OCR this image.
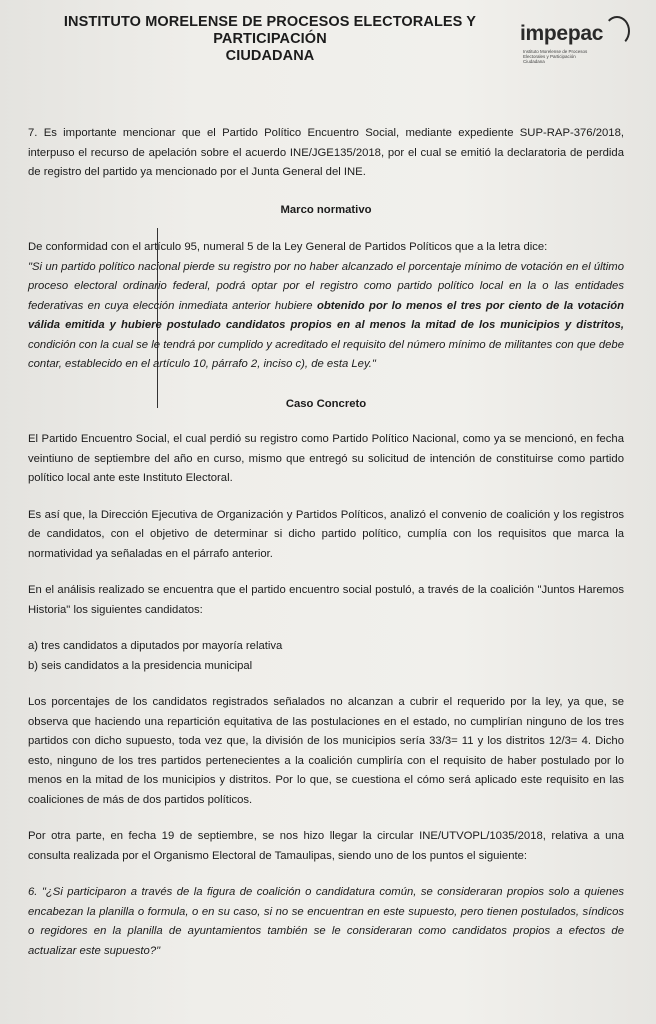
INSTITUTO MORELENSE DE PROCESOS ELECTORALES Y PARTICIPACIÓN
CIUDADANA
impepac
Instituto Morelense de Procesos Electorales y Participación Ciudadana

7. Es importante mencionar que el Partido Político Encuentro Social, mediante expediente SUP-RAP-376/2018, interpuso el recurso de apelación sobre el acuerdo INE/JGE135/2018, por el cual se emitió la declaratoria de perdida de registro del partido ya mencionado por el Junta General del INE.

Marco normativo

De conformidad con el artículo 95, numeral 5 de la Ley General de Partidos Políticos que a la letra dice:

"Si un partido político nacional pierde su registro por no haber alcanzado el porcentaje mínimo de votación en el último proceso electoral ordinario federal, podrá optar por el registro como partido político local en la o las entidades federativas en cuya elección inmediata anterior hubiere obtenido por lo menos el tres por ciento de la votación válida emitida y hubiere postulado candidatos propios en al menos la mitad de los municipios y distritos, condición con la cual se le tendrá por cumplido y acreditado el requisito del número mínimo de militantes con que debe contar, establecido en el artículo 10, párrafo 2, inciso c), de esta Ley."

Caso Concreto

El Partido Encuentro Social, el cual perdió su registro como Partido Político Nacional, como ya se mencionó, en fecha veintiuno de septiembre del año en curso, mismo que entregó su solicitud de intención de constituirse como partido político local ante este Instituto Electoral.

Es así que, la Dirección Ejecutiva de Organización y Partidos Políticos, analizó el convenio de coalición y los registros de candidatos, con el objetivo de determinar si dicho partido político, cumplía con los requisitos que marca la normatividad ya señaladas en el párrafo anterior.

En el análisis realizado se encuentra que el partido encuentro social postuló, a través de la coalición "Juntos Haremos Historia" los siguientes candidatos:

a) tres candidatos a diputados por mayoría relativa

b) seis candidatos a la presidencia municipal

Los porcentajes de los candidatos registrados señalados no alcanzan a cubrir el requerido por la ley, ya que, se observa que haciendo una repartición equitativa de las postulaciones en el estado, no cumplirían ninguno de los tres partidos con dicho supuesto, toda vez que, la división de los municipios sería 33/3= 11 y los distritos 12/3= 4. Dicho esto, ninguno de los tres partidos pertenecientes a la coalición cumpliría con el requisito de haber postulado por lo menos en la mitad de los municipios y distritos. Por lo que, se cuestiona el cómo será aplicado este requisito en las coaliciones de más de dos partidos políticos.

Por otra parte, en fecha 19 de septiembre, se nos hizo llegar la circular INE/UTVOPL/1035/2018, relativa a una consulta realizada por el Organismo Electoral de Tamaulipas, siendo uno de los puntos el siguiente:

6. "¿Si participaron a través de la figura de coalición o candidatura común, se consideraran propios solo a quienes encabezan la planilla o formula, o en su caso, si no se encuentran en este supuesto, pero tienen postulados, síndicos o regidores en la planilla de ayuntamientos también se le consideraran como candidatos propios a efectos de actualizar este supuesto?"
